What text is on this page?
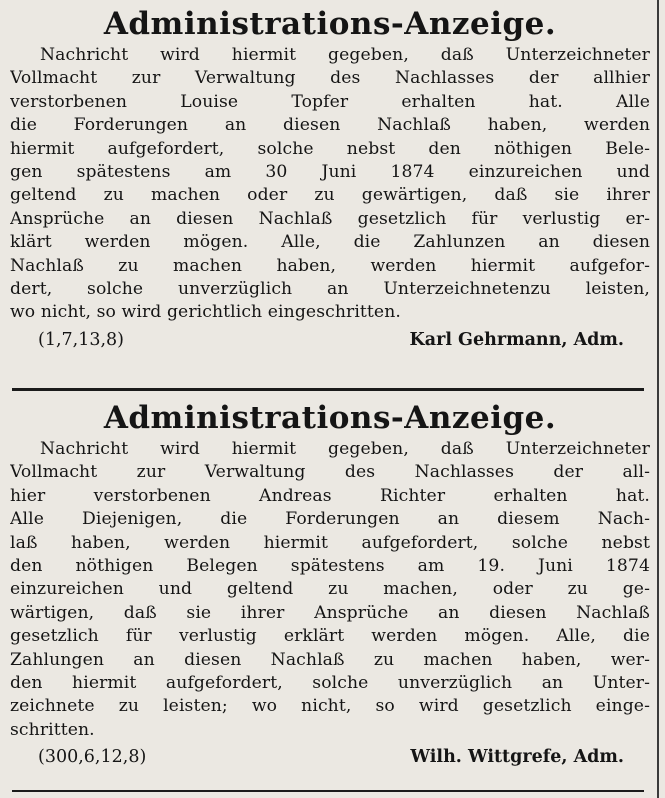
Administrations-Anzeige.
Nachricht wird hiermit gegeben, daß Unterzeichneter
Vollmacht zur Verwaltung des Nachlasses der allhier
verstorbenen Louise Topfer erhalten hat. Alle
die Forderungen an diesen Nachlaß haben, werden
hiermit aufgefordert, solche nebst den nöthigen Bele-
gen spätestens am 30 Juni 1874 einzureichen und
geltend zu machen oder zu gewärtigen, daß sie ihrer
Ansprüche an diesen Nachlaß gesetzlich für verlustig er-
klärt werden mögen. Alle, die Zahlunzen an diesen
Nachlaß zu machen haben, werden hiermit aufgefor-
dert, solche unverzüglich an Unterzeichnetenzu leisten,
wo nicht, so wird gerichtlich eingeschritten.
(1,7,13,8)	Karl Gehrmann, Adm.
Administrations-Anzeige.
Nachricht wird hiermit gegeben, daß Unterzeichneter
Vollmacht zur Verwaltung des Nachlasses der all-
hier verstorbenen Andreas Richter erhalten hat.
Alle Diejenigen, die Forderungen an diesem Nach-
laß haben, werden hiermit aufgefordert, solche nebst
den nöthigen Belegen spätestens am 19. Juni 1874
einzureichen und geltend zu machen, oder zu ge-
wärtigen, daß sie ihrer Ansprüche an diesen Nachlaß
gesetzlich für verlustig erklärt werden mögen. Alle, die
Zahlungen an diesen Nachlaß zu machen haben, wer-
den hiermit aufgefordert, solche unverzüglich an Unter-
zeichnete zu leisten; wo nicht, so wird gesetzlich einge-
schritten.
(300,6,12,8)	Wilh. Wittgrefe, Adm.
